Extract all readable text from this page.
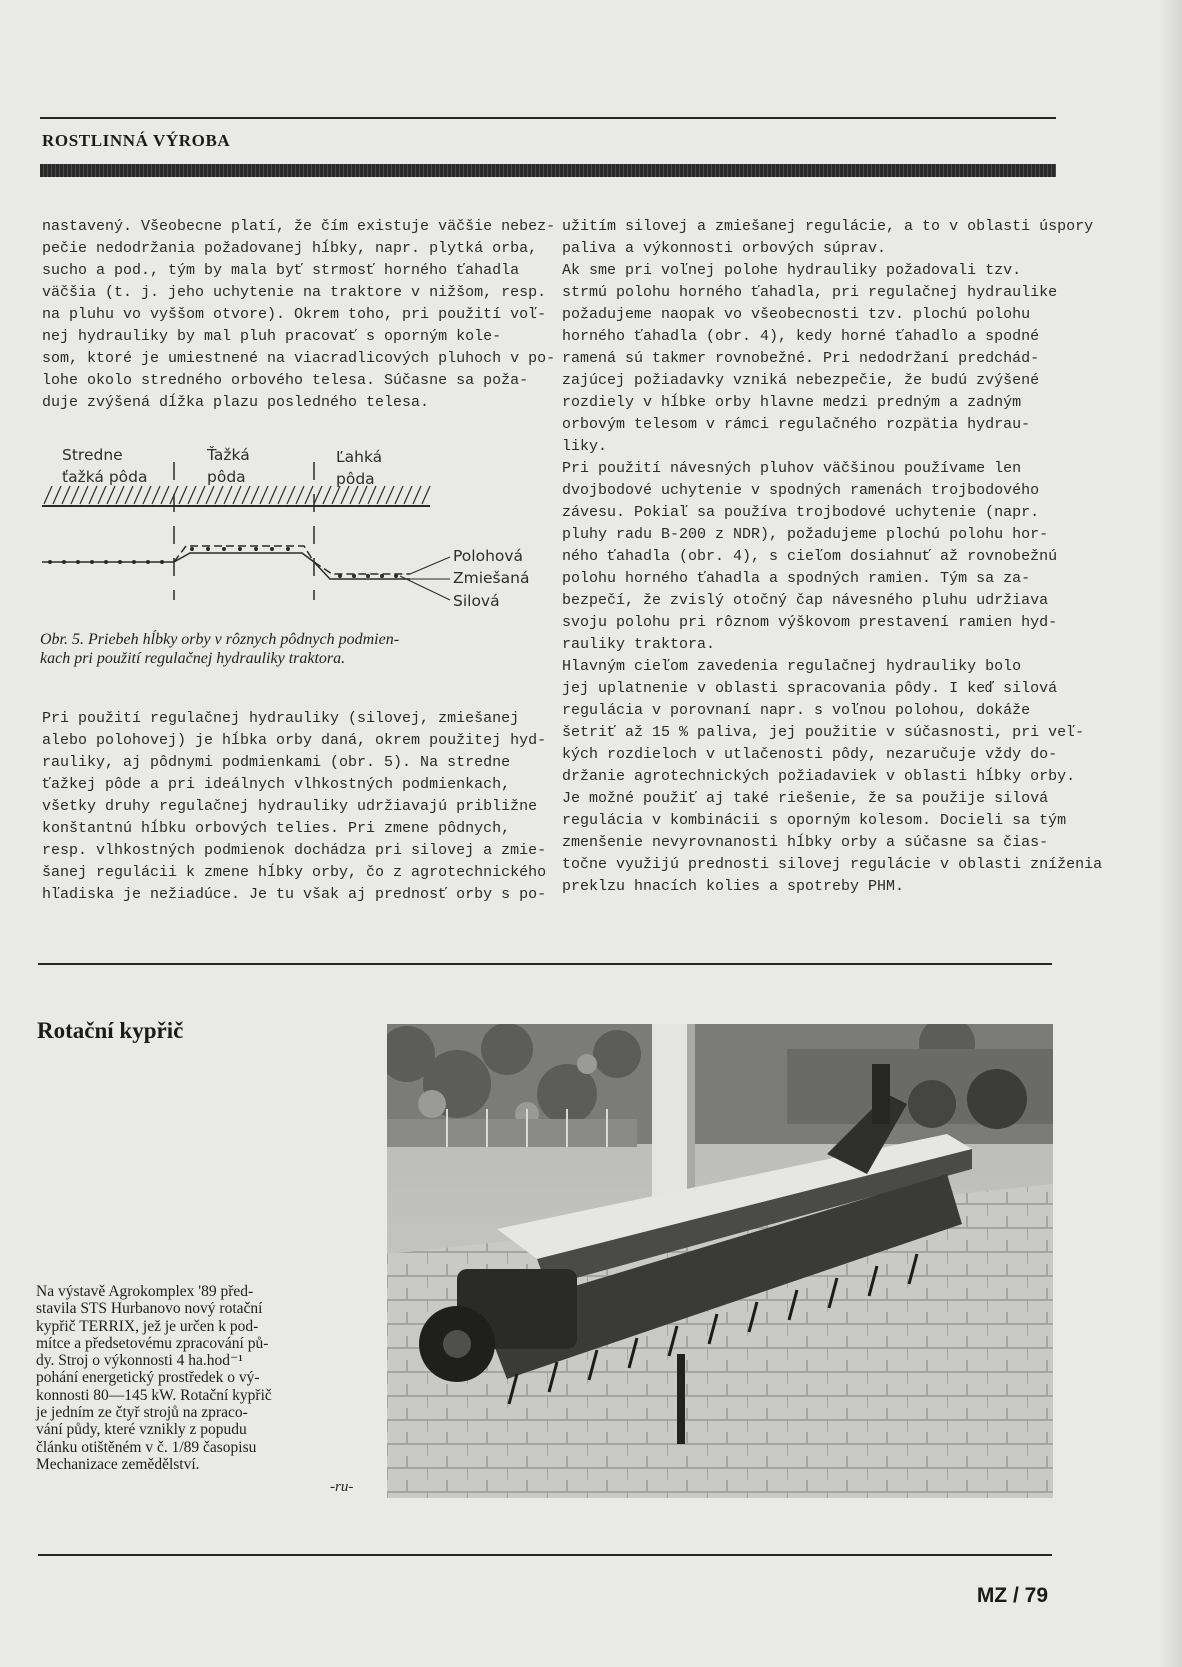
ROSTLINNÁ VÝROBA
nastavený. Všeobecne platí, že čím existuje väčšie nebez-
pečie nedodržania požadovanej hĺbky, napr. plytká orba,
sucho a pod., tým by mala byť strmosť horného ťahadla
väčšia (t. j. jeho uchytenie na traktore v nižšom, resp.
na pluhu vo vyššom otvore). Okrem toho, pri použití voľ-
nej hydrauliky by mal pluh pracovať s oporným kole-
som, ktoré je umiestnené na viacradlicových pluhoch v po-
lohe okolo stredného orbového telesa. Súčasne sa poža-
duje zvýšená dĺžka plazu posledného telesa.
Stredne
ťažká pôda
Ťažká
pôda
Ľahká
pôda
Polohová
Zmiešaná
Silová
Obr. 5. Priebeh hĺbky orby v rôznych pôdnych podmien-
kach pri použití regulačnej hydrauliky traktora.
Pri použití regulačnej hydrauliky (silovej, zmiešanej
alebo polohovej) je hĺbka orby daná, okrem použitej hyd-
rauliky, aj pôdnymi podmienkami (obr. 5). Na stredne
ťažkej pôde a pri ideálnych vlhkostných podmienkach,
všetky druhy regulačnej hydrauliky udržiavajú približne
konštantnú hĺbku orbových telies. Pri zmene pôdnych,
resp. vlhkostných podmienok dochádza pri silovej a zmie-
šanej regulácii k zmene hĺbky orby, čo z agrotechnického
hľadiska je nežiadúce. Je tu však aj prednosť orby s po-
užitím silovej a zmiešanej regulácie, a to v oblasti úspory
paliva a výkonnosti orbových súprav.
Ak sme pri voľnej polohe hydrauliky požadovali tzv.
strmú polohu horného ťahadla, pri regulačnej hydraulike
požadujeme naopak vo všeobecnosti tzv. plochú polohu
horného ťahadla (obr. 4), kedy horné ťahadlo a spodné
ramená sú takmer rovnobežné. Pri nedodržaní predchád-
zajúcej požiadavky vzniká nebezpečie, že budú zvýšené
rozdiely v hĺbke orby hlavne medzi predným a zadným
orbovým telesom v rámci regulačného rozpätia hydrau-
liky.
Pri použití návesných pluhov väčšinou používame len
dvojbodové uchytenie v spodných ramenách trojbodového
závesu. Pokiaľ sa používa trojbodové uchytenie (napr.
pluhy radu B-200 z NDR), požadujeme plochú polohu hor-
ného ťahadla (obr. 4), s cieľom dosiahnuť až rovnobežnú
polohu horného ťahadla a spodných ramien. Tým sa za-
bezpečí, že zvislý otočný čap návesného pluhu udržiava
svoju polohu pri rôznom výškovom prestavení ramien hyd-
rauliky traktora.
Hlavným cieľom zavedenia regulačnej hydrauliky bolo
jej uplatnenie v oblasti spracovania pôdy. I keď silová
regulácia v porovnaní napr. s voľnou polohou, dokáže
šetriť až 15 % paliva, jej použitie v súčasnosti, pri veľ-
kých rozdieloch v utlačenosti pôdy, nezaručuje vždy do-
držanie agrotechnických požiadaviek v oblasti hĺbky orby.
Je možné použiť aj také riešenie, že sa použije silová
regulácia v kombinácii s oporným kolesom. Docieli sa tým
zmenšenie nevyrovnanosti hĺbky orby a súčasne sa čias-
točne využijú prednosti silovej regulácie v oblasti zníženia
preklzu hnacích kolies a spotreby PHM.
Rotační kypřič
Na výstavě Agrokomplex '89 před-
stavila STS Hurbanovo nový rotační
kypřič TERRIX, jež je určen k pod-
mítce a předsetovému zpracování pů-
dy. Stroj o výkonnosti 4 ha.hod⁻¹
pohání energetický prostředek o vý-
konnosti 80—145 kW. Rotační kypřič
je jedním ze čtyř strojů na zpraco-
vání půdy, které vznikly z popudu
článku otištěném v č. 1/89 časopisu
Mechanizace zemědělství.
-ru-
MZ / 79
